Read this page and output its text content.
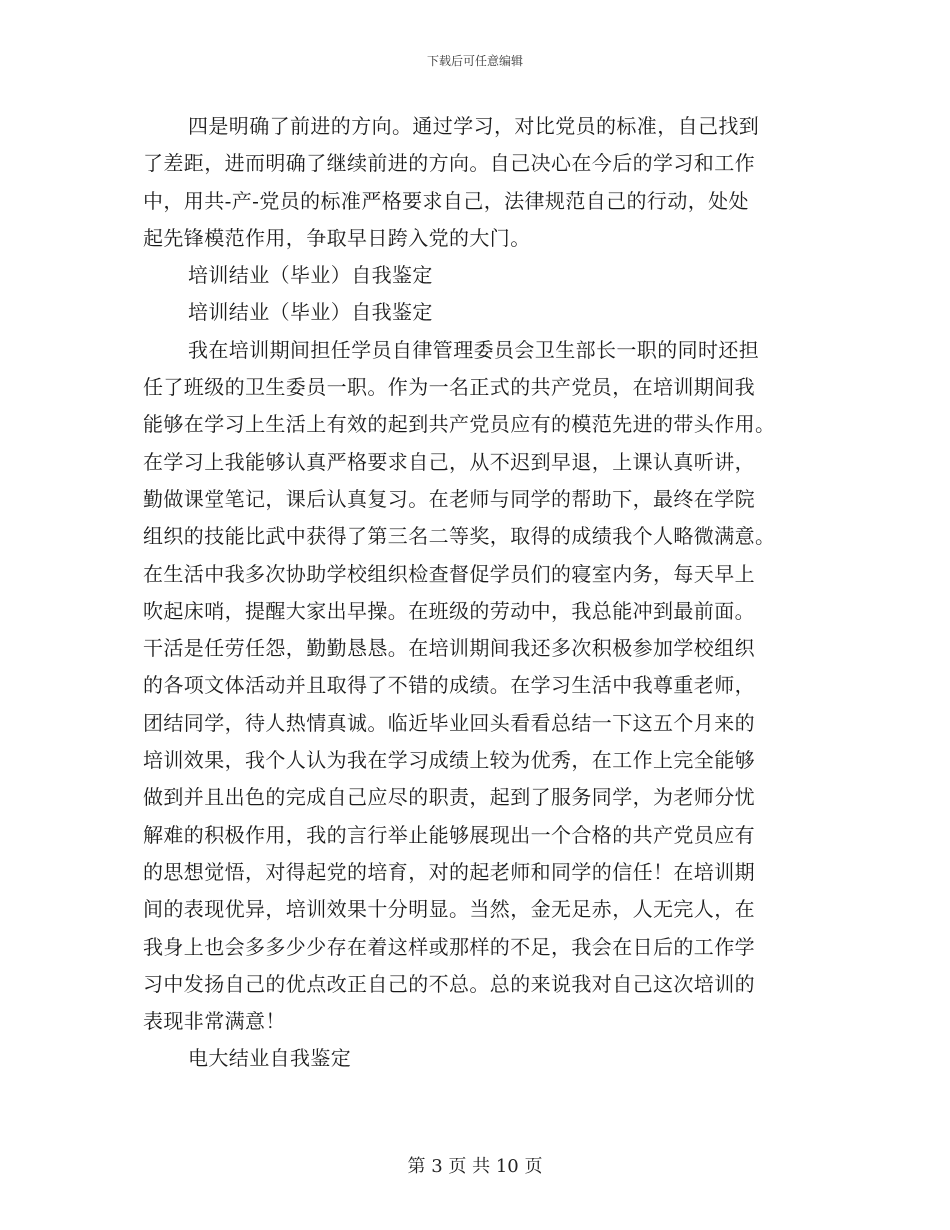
下载后可任意编辑
四是明确了前进的方向。通过学习，对比党员的标准，自己找到
了差距，进而明确了继续前进的方向。自己决心在今后的学习和工作
中，用共-产-党员的标准严格要求自己，法律规范自己的行动，处处
起先锋模范作用，争取早日跨入党的大门。
培训结业（毕业）自我鉴定
培训结业（毕业）自我鉴定
我在培训期间担任学员自律管理委员会卫生部长一职的同时还担
任了班级的卫生委员一职。作为一名正式的共产党员，在培训期间我
能够在学习上生活上有效的起到共产党员应有的模范先进的带头作用。
在学习上我能够认真严格要求自己，从不迟到早退，上课认真听讲，
勤做课堂笔记，课后认真复习。在老师与同学的帮助下，最终在学院
组织的技能比武中获得了第三名二等奖，取得的成绩我个人略微满意。
在生活中我多次协助学校组织检查督促学员们的寝室内务，每天早上
吹起床哨，提醒大家出早操。在班级的劳动中，我总能冲到最前面。
干活是任劳任怨，勤勤恳恳。在培训期间我还多次积极参加学校组织
的各项文体活动并且取得了不错的成绩。在学习生活中我尊重老师，
团结同学，待人热情真诚。临近毕业回头看看总结一下这五个月来的
培训效果，我个人认为我在学习成绩上较为优秀，在工作上完全能够
做到并且出色的完成自己应尽的职责，起到了服务同学，为老师分忧
解难的积极作用，我的言行举止能够展现出一个合格的共产党员应有
的思想觉悟，对得起党的培育，对的起老师和同学的信任！在培训期
间的表现优异，培训效果十分明显。当然，金无足赤，人无完人，在
我身上也会多多少少存在着这样或那样的不足，我会在日后的工作学
习中发扬自己的优点改正自己的不总。总的来说我对自己这次培训的
表现非常满意！
电大结业自我鉴定
第 3 页 共 10 页
